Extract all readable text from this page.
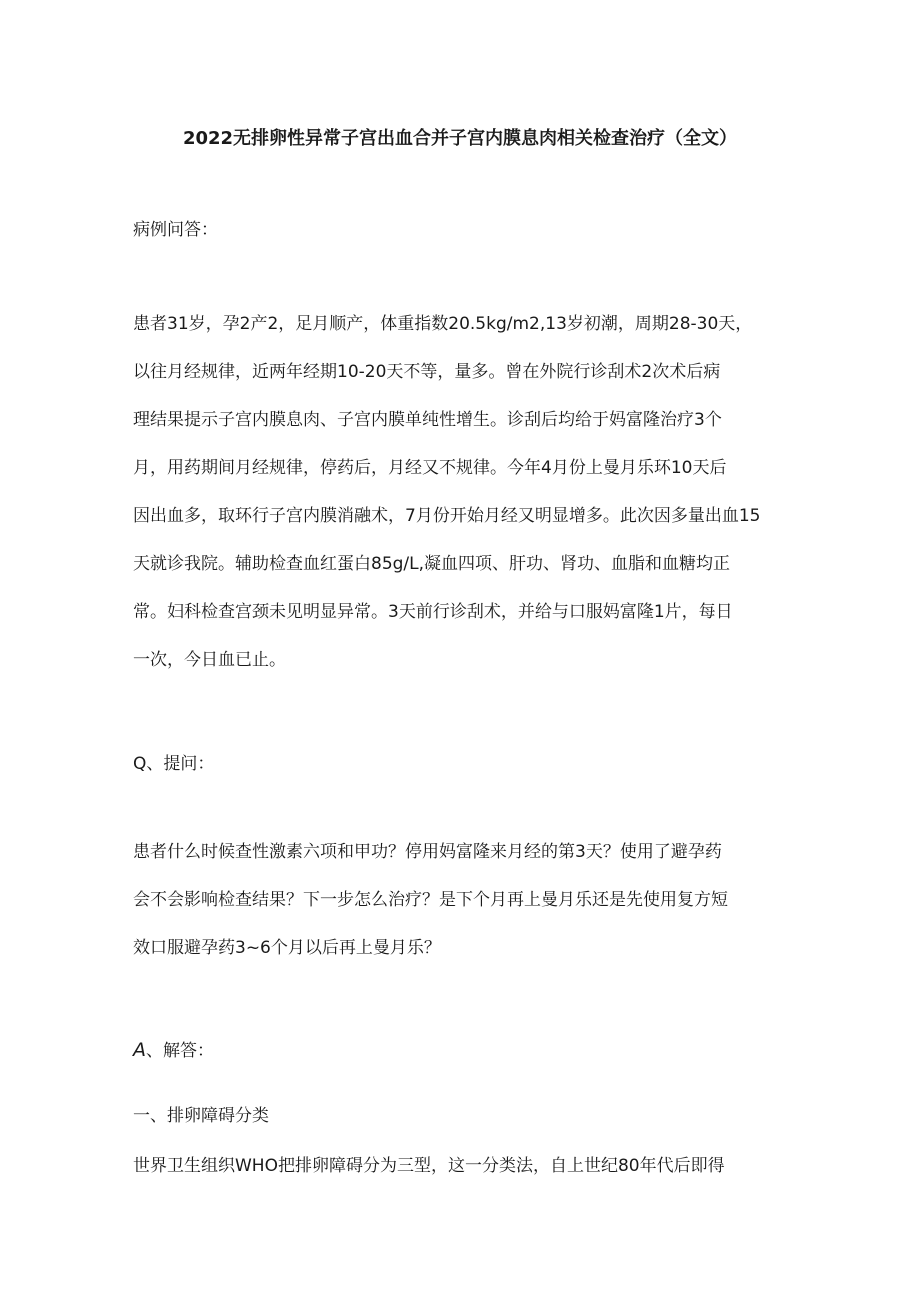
2022无排卵性异常子宫出血合并子宫内膜息肉相关检查治疗（全文）
病例问答：
患者31岁，孕2产2，足月顺产，体重指数20.5kg/m2,13岁初潮，周期28-30天，
以往月经规律，近两年经期10-20天不等，量多。曾在外院行诊刮术2次术后病
理结果提示子宫内膜息肉、子宫内膜单纯性增生。诊刮后均给于妈富隆治疗3个
月，用药期间月经规律，停药后，月经又不规律。今年4月份上曼月乐环10天后
因出血多，取环行子宫内膜消融术，7月份开始月经又明显增多。此次因多量出血15
天就诊我院。辅助检查血红蛋白85g/L,凝血四项、肝功、肾功、血脂和血糖均正
常。妇科检查宫颈未见明显异常。3天前行诊刮术，并给与口服妈富隆1片，每日
一次，今日血已止。
Q、提问：
患者什么时候查性激素六项和甲功？停用妈富隆来月经的第3天？使用了避孕药
会不会影响检查结果？下一步怎么治疗？是下个月再上曼月乐还是先使用复方短
效口服避孕药3~6个月以后再上曼月乐？
A、解答：
一、排卵障碍分类
世界卫生组织WHO把排卵障碍分为三型，这一分类法，自上世纪80年代后即得
